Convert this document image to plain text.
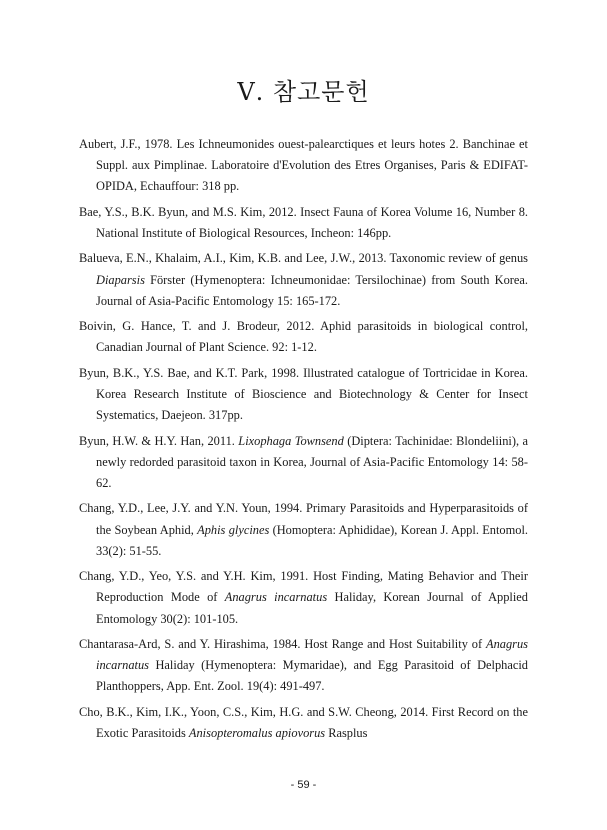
Ⅴ. 참고문헌

Aubert, J.F., 1978. Les Ichneumonides ouest-palearctiques et leurs hotes 2. Banchinae et Suppl. aux Pimplinae. Laboratoire d'Evolution des Etres Organises, Paris & EDIFAT-OPIDA, Echauffour: 318 pp.

Bae, Y.S., B.K. Byun, and M.S. Kim, 2012. Insect Fauna of Korea Volume 16, Number 8. National Institute of Biological Resources, Incheon: 146pp.

Balueva, E.N., Khalaim, A.I., Kim, K.B. and Lee, J.W., 2013. Taxonomic review of genus Diaparsis Förster (Hymenoptera: Ichneumonidae: Tersilochinae) from South Korea. Journal of Asia-Pacific Entomology 15: 165-172.

Boivin, G. Hance, T. and J. Brodeur, 2012. Aphid parasitoids in biological control, Canadian Journal of Plant Science. 92: 1-12.

Byun, B.K., Y.S. Bae, and K.T. Park, 1998. Illustrated catalogue of Tortricidae in Korea. Korea Research Institute of Bioscience and Biotechnology & Center for Insect Systematics, Daejeon. 317pp.

Byun, H.W. & H.Y. Han, 2011. Lixophaga Townsend (Diptera: Tachinidae: Blondeliini), a newly redorded parasitoid taxon in Korea, Journal of Asia-Pacific Entomology 14: 58-62.

Chang, Y.D., Lee, J.Y. and Y.N. Youn, 1994. Primary Parasitoids and Hyperparasitoids of the Soybean Aphid, Aphis glycines (Homoptera: Aphididae), Korean J. Appl. Entomol. 33(2): 51-55.

Chang, Y.D., Yeo, Y.S. and Y.H. Kim, 1991. Host Finding, Mating Behavior and Their Reproduction Mode of Anagrus incarnatus Haliday, Korean Journal of Applied Entomology 30(2): 101-105.

Chantarasa-Ard, S. and Y. Hirashima, 1984. Host Range and Host Suitability of Anagrus incarnatus Haliday (Hymenoptera: Mymaridae), and Egg Parasitoid of Delphacid Planthoppers, App. Ent. Zool. 19(4): 491-497.

Cho, B.K., Kim, I.K., Yoon, C.S., Kim, H.G. and S.W. Cheong, 2014. First Record on the Exotic Parasitoids Anisopteromalus apiovorus Rasplus

- 59 -
